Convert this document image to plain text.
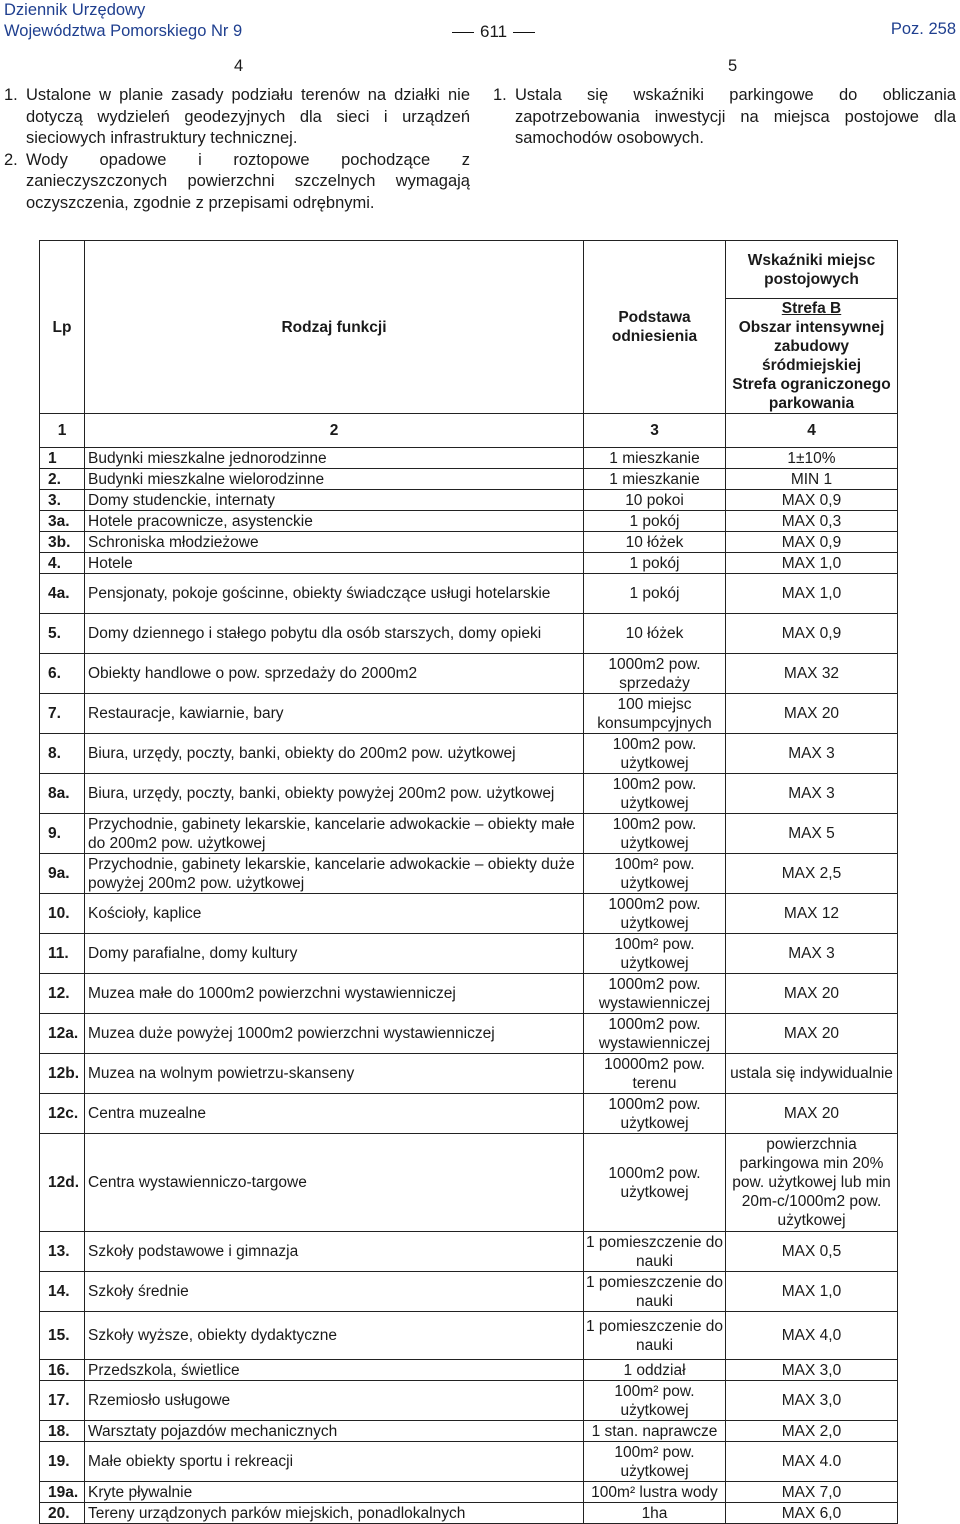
Dziennik Urzędowy
Województwa Pomorskiego Nr 9	611	Poz. 258
4
1. Ustalone w planie zasady podziału terenów na działki nie dotyczą wydzieleń geodezyjnych dla sieci i urządzeń sieciowych infrastruktury technicznej.
2. Wody opadowe i roztopowe pochodzące z zanieczyszczonych powierzchni szczelnych wymagają oczyszczenia, zgodnie z przepisami odrębnymi.
5
1. Ustala się wskaźniki parkingowe do obliczania zapotrzebowania inwestycji na miejsca postojowe dla samochodów osobowych.
Lp	Rodzaj funkcji	Podstawa odniesienia	Wskaźniki miejsc postojowych
Strefa B
Obszar intensywnej zabudowy śródmiejskiej
Strefa ograniczonego parkowania

1	2	3	4
1	Budynki mieszkalne jednorodzinne	1 mieszkanie	1±10%
2.	Budynki mieszkalne wielorodzinne	1 mieszkanie	MIN 1
3.	Domy studenckie, internaty	10 pokoi	MAX 0,9
3a.	Hotele pracownicze, asystenckie	1 pokój	MAX 0,3
3b.	Schroniska młodzieżowe	10 łóżek	MAX 0,9
4.	Hotele	1 pokój	MAX 1,0
4a.	Pensjonaty, pokoje gościnne, obiekty świadczące usługi hotelarskie	1 pokój	MAX 1,0
5.	Domy dziennego i stałego pobytu dla osób starszych, domy opieki	10 łóżek	MAX 0,9
6.	Obiekty handlowe o pow. sprzedaży do 2000m2	1000m2 pow. sprzedaży	MAX 32
7.	Restauracje, kawiarnie, bary	100 miejsc konsumpcyjnych	MAX 20
8.	Biura, urzędy, poczty, banki, obiekty do 200m2 pow. użytkowej	100m2 pow. użytkowej	MAX 3
8a.	Biura, urzędy, poczty, banki, obiekty powyżej 200m2 pow. użytkowej	100m2 pow. użytkowej	MAX 3
9.	Przychodnie, gabinety lekarskie, kancelarie adwokackie – obiekty małe do 200m2 pow. użytkowej	100m2 pow. użytkowej	MAX 5
9a.	Przychodnie, gabinety lekarskie, kancelarie adwokackie – obiekty duże powyżej 200m2 pow. użytkowej	100m² pow. użytkowej	MAX 2,5
10.	Kościoły, kaplice	1000m2 pow. użytkowej	MAX 12
11.	Domy parafialne, domy kultury	100m² pow. użytkowej	MAX 3
12.	Muzea małe do 1000m2 powierzchni wystawienniczej	1000m2 pow. wystawienniczej	MAX 20
12a.	Muzea duże powyżej 1000m2 powierzchni wystawienniczej	1000m2 pow. wystawienniczej	MAX 20
12b.	Muzea na wolnym powietrzu-skanseny	10000m2 pow. terenu	ustala się indywidualnie
12c.	Centra muzealne	1000m2 pow. użytkowej	MAX 20
12d.	Centra wystawienniczo-targowe	1000m2 pow. użytkowej	powierzchnia parkingowa min 20% pow. użytkowej lub min 20m-c/1000m2 pow. użytkowej
13.	Szkoły podstawowe i gimnazja	1 pomieszczenie do nauki	MAX 0,5
14.	Szkoły średnie	1 pomieszczenie do nauki	MAX 1,0
15.	Szkoły wyższe, obiekty dydaktyczne	1 pomieszczenie do nauki	MAX 4,0
16.	Przedszkola, świetlice	1 oddział	MAX 3,0
17.	Rzemiosło usługowe	100m² pow. użytkowej	MAX 3,0
18.	Warsztaty pojazdów mechanicznych	1 stan. naprawcze	MAX 2,0
19.	Małe obiekty sportu i rekreacji	100m² pow. użytkowej	MAX 4.0
19a.	Kryte pływalnie	100m² lustra wody	MAX 7,0
20.	Tereny urządzonych parków miejskich, ponadlokalnych	1ha	MAX 6,0
